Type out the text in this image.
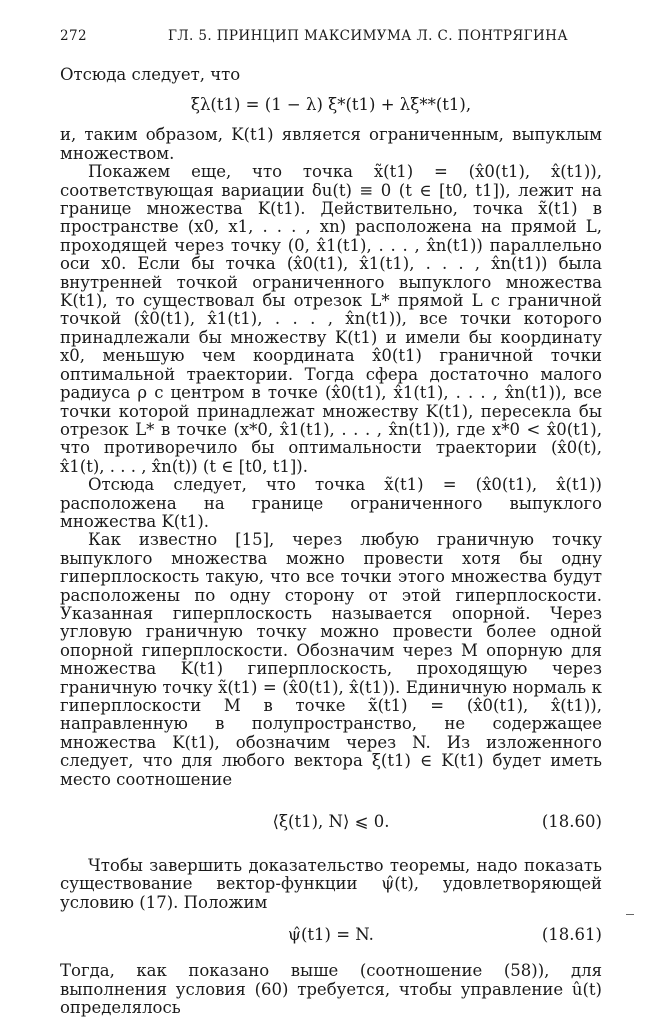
272	ГЛ. 5. ПРИНЦИП МАКСИМУМА Л. С. ПОНТРЯГИНА

Отсюда следует, что

ξλ(t1) = (1 − λ) ξ*(t1) + λξ**(t1),

и, таким образом, K(t1) является ограниченным, выпуклым множеством.

Покажем еще, что точка x̃(t1) = (x̂0(t1), x̂(t1)), соответствующая вариации δu(t) ≡ 0 (t ∈ [t0, t1]), лежит на границе множества K(t1). Действительно, точка x̃(t1) в пространстве (x0, x1, . . . , xn) расположена на прямой L, проходящей через точку (0, x̂1(t1), . . . , x̂n(t1)) параллельно оси x0. Если бы точка (x̂0(t1), x̂1(t1), . . . , x̂n(t1)) была внутренней точкой ограниченного выпуклого множества K(t1), то существовал бы отрезок L* прямой L с граничной точкой (x̂0(t1), x̂1(t1), . . . , x̂n(t1)), все точки которого принадлежали бы множеству K(t1) и имели бы координату x0, меньшую чем координата x̂0(t1) граничной точки оптимальной траектории. Тогда сфера достаточно малого радиуса ρ с центром в точке (x̂0(t1), x̂1(t1), . . . , x̂n(t1)), все точки которой принадлежат множеству K(t1), пересекла бы отрезок L* в точке (x*0, x̂1(t1), . . . , x̂n(t1)), где x*0 < x̂0(t1), что противоречило бы оптимальности траектории (x̂0(t), x̂1(t), . . . , x̂n(t)) (t ∈ [t0, t1]).

Отсюда следует, что точка x̃(t1) = (x̂0(t1), x̂(t1)) расположена на границе ограниченного выпуклого множества K(t1).

Как известно [15], через любую граничную точку выпуклого множества можно провести хотя бы одну гиперплоскость такую, что все точки этого множества будут расположены по одну сторону от этой гиперплоскости. Указанная гиперплоскость называется опорной. Через угловую граничную точку можно провести более одной опорной гиперплоскости. Обозначим через M опорную для множества K(t1) гиперплоскость, проходящую через граничную точку x̃(t1) = (x̂0(t1), x̂(t1)). Единичную нормаль к гиперплоскости M в точке x̃(t1) = (x̂0(t1), x̂(t1)), направленную в полупространство, не содержащее множества K(t1), обозначим через N. Из изложенного следует, что для любого вектора ξ(t1) ∈ K(t1) будет иметь место соотношение

⟨ξ(t1), N⟩ ⩽ 0.	(18.60)

Чтобы завершить доказательство теоремы, надо показать существование вектор-функции ψ̂(t), удовлетворяющей условию (17). Положим

ψ̂(t1) = N.	(18.61)

Тогда, как показано выше (соотношение (58)), для выполнения условия (60) требуется, чтобы управление û(t) определялось
